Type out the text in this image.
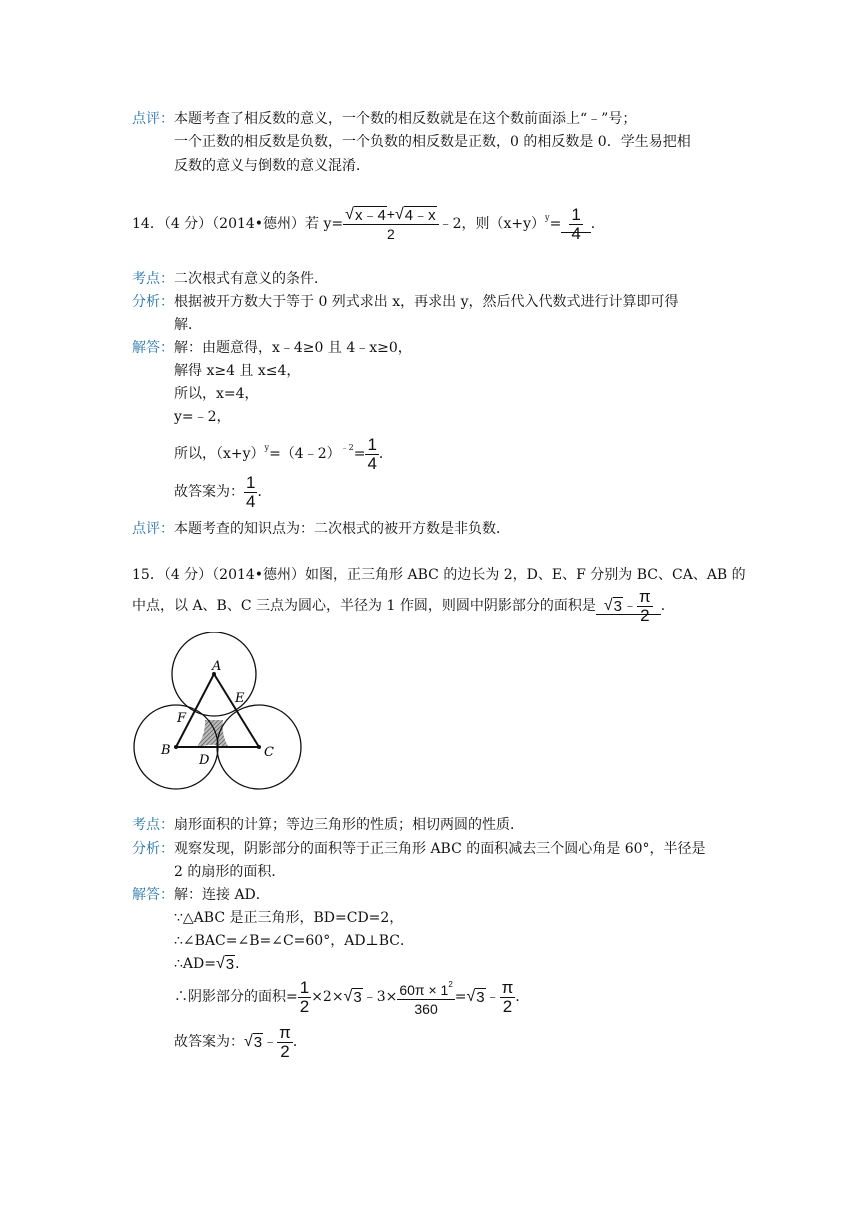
点评：本题考查了相反数的意义，一个数的相反数就是在这个数前面添上“﹣”号；
一个正数的相反数是负数，一个负数的相反数是正数，0 的相反数是 0．学生易把相
反数的意义与倒数的意义混淆．
14．（4 分）（2014•德州）若 $y= \frac{√ x﹣4 + √ 4﹣x}{2}$ ﹣2，则$(x+y)^y= \frac{1}{4}$ ．
考点：二次根式有意义的条件．
分析：根据被开方数大于等于 0 列式求出 x，再求出 y，然后代入代数式进行计算即可得
解．
解答：解：由题意得，x﹣4≥0 且 4﹣x≥0，
解得 x≥4 且 x≤4，
所以，x=4，
y=﹣2，
所以，$(x+y)^y=(4﹣2)^{﹣2}= \frac{1}{4}$ ．
故答案为： $\frac{1}{4}$ ．
点评：本题考查的知识点为：二次根式的被开方数是非负数．
15．（4 分）（2014•德州）如图，正三角形 ABC 的边长为 2，D、E、F 分别为 BC、CA、AB 的
中点，以 A、B、C 三点为圆心，半径为 1 作圆，则圆中阴影部分的面积是 √ 3 ﹣ $\frac{\pi}{2}$ ．
A
B	C
D
E
F
考点：扇形面积的计算；等边三角形的性质；相切两圆的性质．
分析：观察发现，阴影部分的面积等于正三角形 ABC 的面积减去三个圆心角是 60°，半径是
2 的扇形的面积．
解答：解：连接 AD．
∵△ABC 是正三角形，BD=CD=2，
∴∠BAC=∠B=∠C=60°，AD⊥BC．
∴AD= √ 3 ．
∴阴影部分的面积= $\frac{1}{2} \times 2\times$ √ 3 ﹣3× $\frac{60\pi \times 1^2}{360}$ = √ 3 ﹣ $\frac{\pi}{2}$ ．
故答案为： √ 3 ﹣ $\frac{\pi}{2}$ ．
